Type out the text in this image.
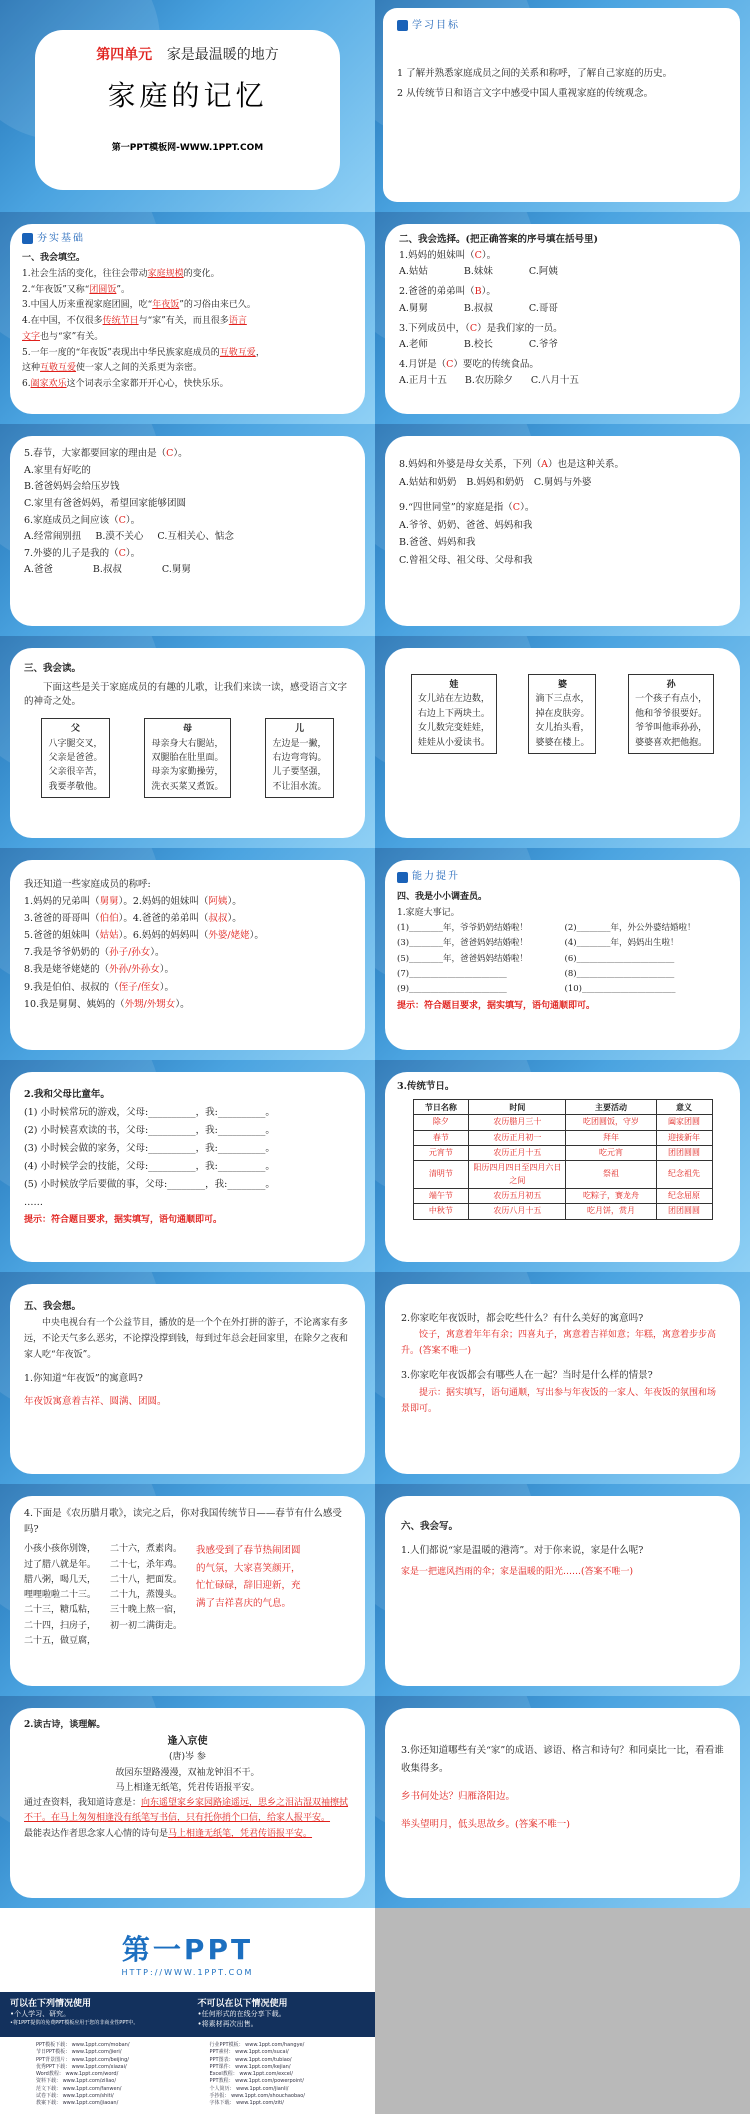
第四单元 家是最温暖的地方
家庭的记忆
第一PPT模板网-WWW.1PPT.COM
学习目标
1 了解并熟悉家庭成员之间的关系和称呼，了解自己家庭的历史。
2 从传统节日和语言文字中感受中国人重视家庭的传统观念。
夯实基础
一、我会填空。
1.社会生活的变化，往往会带动家庭规模的变化。
2.“年夜饭”又称“团圆饭”。
3.中国人历来重视家庭团圆，吃“年夜饭”的习俗由来已久。
4.在中国，不仅很多传统节日与“家”有关，而且很多语言
文字也与“家”有关。
5.一年一度的“年夜饭”表现出中华民族家庭成员的互敬互爱，
这种互敬互爱使一家人之间的关系更为亲密。
6.阖家欢乐这个词表示全家都开开心心，快快乐乐。
二、我会选择。(把正确答案的序号填在括号里)
1.妈妈的姐妹叫（C）。
A.姑姑	B.妹妹	C.阿姨
2.爸爸的弟弟叫（B）。
A.舅舅	B.叔叔	C.哥哥
3.下列成员中，（C）是我们家的一员。
A.老师	B.校长	C.爷爷
4.月饼是（C）要吃的传统食品。
A.正月十五 B.农历除夕 C.八月十五
5.春节，大家都要回家的理由是（C）。
A.家里有好吃的
B.爸爸妈妈会给压岁钱
C.家里有爸爸妈妈，希望回家能够团圆
6.家庭成员之间应该（C）。
A.经常闹别扭 B.漠不关心 C.互相关心、惦念
7.外婆的儿子是我的（C）。
A.爸爸	B.叔叔	C.舅舅
8.妈妈和外婆是母女关系，下列（A）也是这种关系。
A.姑姑和奶奶 B.妈妈和奶奶 C.舅妈与外婆
9.“四世同堂”的家庭是指（C）。
A.爷爷、奶奶、爸爸、妈妈和我
B.爸爸、妈妈和我
C.曾祖父母、祖父母、父母和我
三、我会读。
下面这些是关于家庭成员的有趣的儿歌，让我们来读一读，感受语言文字的神奇之处。
父
八字腿交叉，
父亲是爸爸。
父亲很辛苦，
我要孝敬他。
母
母亲身大右腿站，
双腿胎在肚里面。
母亲为家勤操劳，
洗衣买菜又煮饭。
儿
左边是一撇，
右边弯弯钩。
儿子要坚强，
不让泪水流。
娃
女儿站在左边数，
右边上下两块土。
女儿数完变娃娃，
娃娃从小爱读书。
婆
滴下三点水，
掉在皮肤旁。
女儿抬头看，
婆婆在楼上。
孙
一个孩子有点小，
他和爷爷很要好。
爷爷叫他乖孙孙，
婆婆喜欢把他抱。
我还知道一些家庭成员的称呼:
1.妈妈的兄弟叫（舅舅）。2.妈妈的姐妹叫（阿姨）。
3.爸爸的哥哥叫（伯伯）。4.爸爸的弟弟叫（叔叔）。
5.爸爸的姐妹叫（姑姑）。6.妈妈的妈妈叫（外婆/姥姥）。
7.我是爷爷奶奶的（孙子/孙女）。
8.我是姥爷姥姥的（外孙/外孙女）。
9.我是伯伯、叔叔的（侄子/侄女）。
10.我是舅舅、姨妈的（外甥/外甥女）。
能力提升
四、我是小小调查员。
1.家庭大事记。
(1)________年，爷爷奶奶结婚啦！	(2)________年，外公外婆结婚啦！
(3)________年，爸爸妈妈结婚啦！	(4)________年，妈妈出生啦！
(5)________年，爸爸妈妈结婚啦！	(6)_______________________
(7)_______________________	(8)_______________________
(9)_______________________	(10)______________________
提示：符合题目要求，据实填写，语句通顺即可。
2.我和父母比童年。
(1) 小时候常玩的游戏，父母:__________，我:__________。
(2) 小时候喜欢读的书，父母:__________，我:__________。
(3) 小时候会做的家务，父母:__________，我:__________。
(4) 小时候学会的技能，父母:__________，我:__________。
(5) 小时候放学后要做的事，父母:________，我:________。
……
提示：符合题目要求，据实填写，语句通顺即可。
3.传统节日。
节日名称	时间	主要活动	意义
除夕	农历腊月三十	吃团圆饭，守岁	阖家团圆
春节	农历正月初一	拜年	迎接新年
元宵节	农历正月十五	吃元宵	团团圆圆
清明节	阳历四月四日至四月六日之间	祭祖	纪念祖先
端午节	农历五月初五	吃粽子，赛龙舟	纪念屈原
中秋节	农历八月十五	吃月饼，赏月	团团圆圆
五、我会想。
中央电视台有一个公益节目，播放的是一个个在外打拼的游子，不论离家有多远，不论天气多么恶劣，不论撑没撑到钱，每到过年总会赶回家里，在除夕之夜和家人吃“年夜饭”。
1.你知道“年夜饭”的寓意吗?
年夜饭寓意着吉祥、圆满、团圆。
2.你家吃年夜饭时，都会吃些什么？有什么美好的寓意吗?
饺子，寓意着年年有余；四喜丸子，寓意着吉祥如意；年糕，寓意着步步高升。(答案不唯一)
3.你家吃年夜饭都会有哪些人在一起？当时是什么样的情景?
提示：据实填写，语句通顺，写出参与年夜饭的一家人、年夜饭的氛围和场景即可。
4.下面是《农历腊月歌》，读完之后，你对我国传统节日——春节有什么感受吗?
小孩小孩你别馋，
过了腊八就是年。
腊八粥，喝几天，
哩哩啦啦二十三。
二十三，糖瓜粘，
二十四，扫房子，
二十五，做豆腐，
二十六，煮素肉。
二十七，杀年鸡。
二十八，把面发。
二十九，蒸馒头。
三十晚上熬一宿，
初一初二满街走。
我感受到了春节热闹团圆的气氛，大家喜笑颜开，忙忙碌碌，辞旧迎新，充满了吉祥喜庆的气息。
六、我会写。
1.人们都说“家是温暖的港湾”。对于你来说，家是什么呢?
家是一把遮风挡雨的伞；家是温暖的阳光……(答案不唯一)
2.读古诗，谈理解。
逢入京使
(唐)岑 参
故园东望路漫漫，双袖龙钟泪不干。
马上相逢无纸笔，凭君传语报平安。
通过查资料，我知道诗意是：向东遥望家乡家园路途遥远，思乡之泪沾湿双袖擦拭不干。在马上匆匆相逢没有纸笔写书信，只有托你捎个口信，给家人报平安。
最能表达作者思念家人心情的诗句是马上相逢无纸笔，凭君传语报平安。
3.你还知道哪些有关“家”的成语、谚语、格言和诗句？和同桌比一比，看看谁收集得多。
乡书何处达？归雁洛阳边。
举头望明月，低头思故乡。(答案不唯一)
第一PPT
HTTP://WWW.1PPT.COM
可以在下列情况使用
•个人学习、研究。
•将1PPT提供的免费PPT模板应用于您的非商业性PPT中。
不可以在以下情况使用
•任何形式的在线分享下载。
•将素材再次出售。
PPT模板下载： www.1ppt.com/moban/
节日PPT模板： www.1ppt.com/jieri/
PPT背景图片： www.1ppt.com/beijing/
优秀PPT下载： www.1ppt.com/xiazai/
Word教程： www.1ppt.com/word/
资料下载： www.1ppt.com/ziliao/
范文下载： www.1ppt.com/fanwen/
试卷下载： www.1ppt.com/shiti/
教案下载： www.1ppt.com/jiaoan/
行业PPT模板： www.1ppt.com/hangye/
PPT素材： www.1ppt.com/sucai/
PPT图表： www.1ppt.com/tubiao/
PPT课件： www.1ppt.com/kejian/
Excel教程： www.1ppt.com/excel/
PPT教程： www.1ppt.com/powerpoint/
个人简历： www.1ppt.com/jianli/
手抄报： www.1ppt.com/shouchaobao/
字体下载： www.1ppt.com/ziti/
